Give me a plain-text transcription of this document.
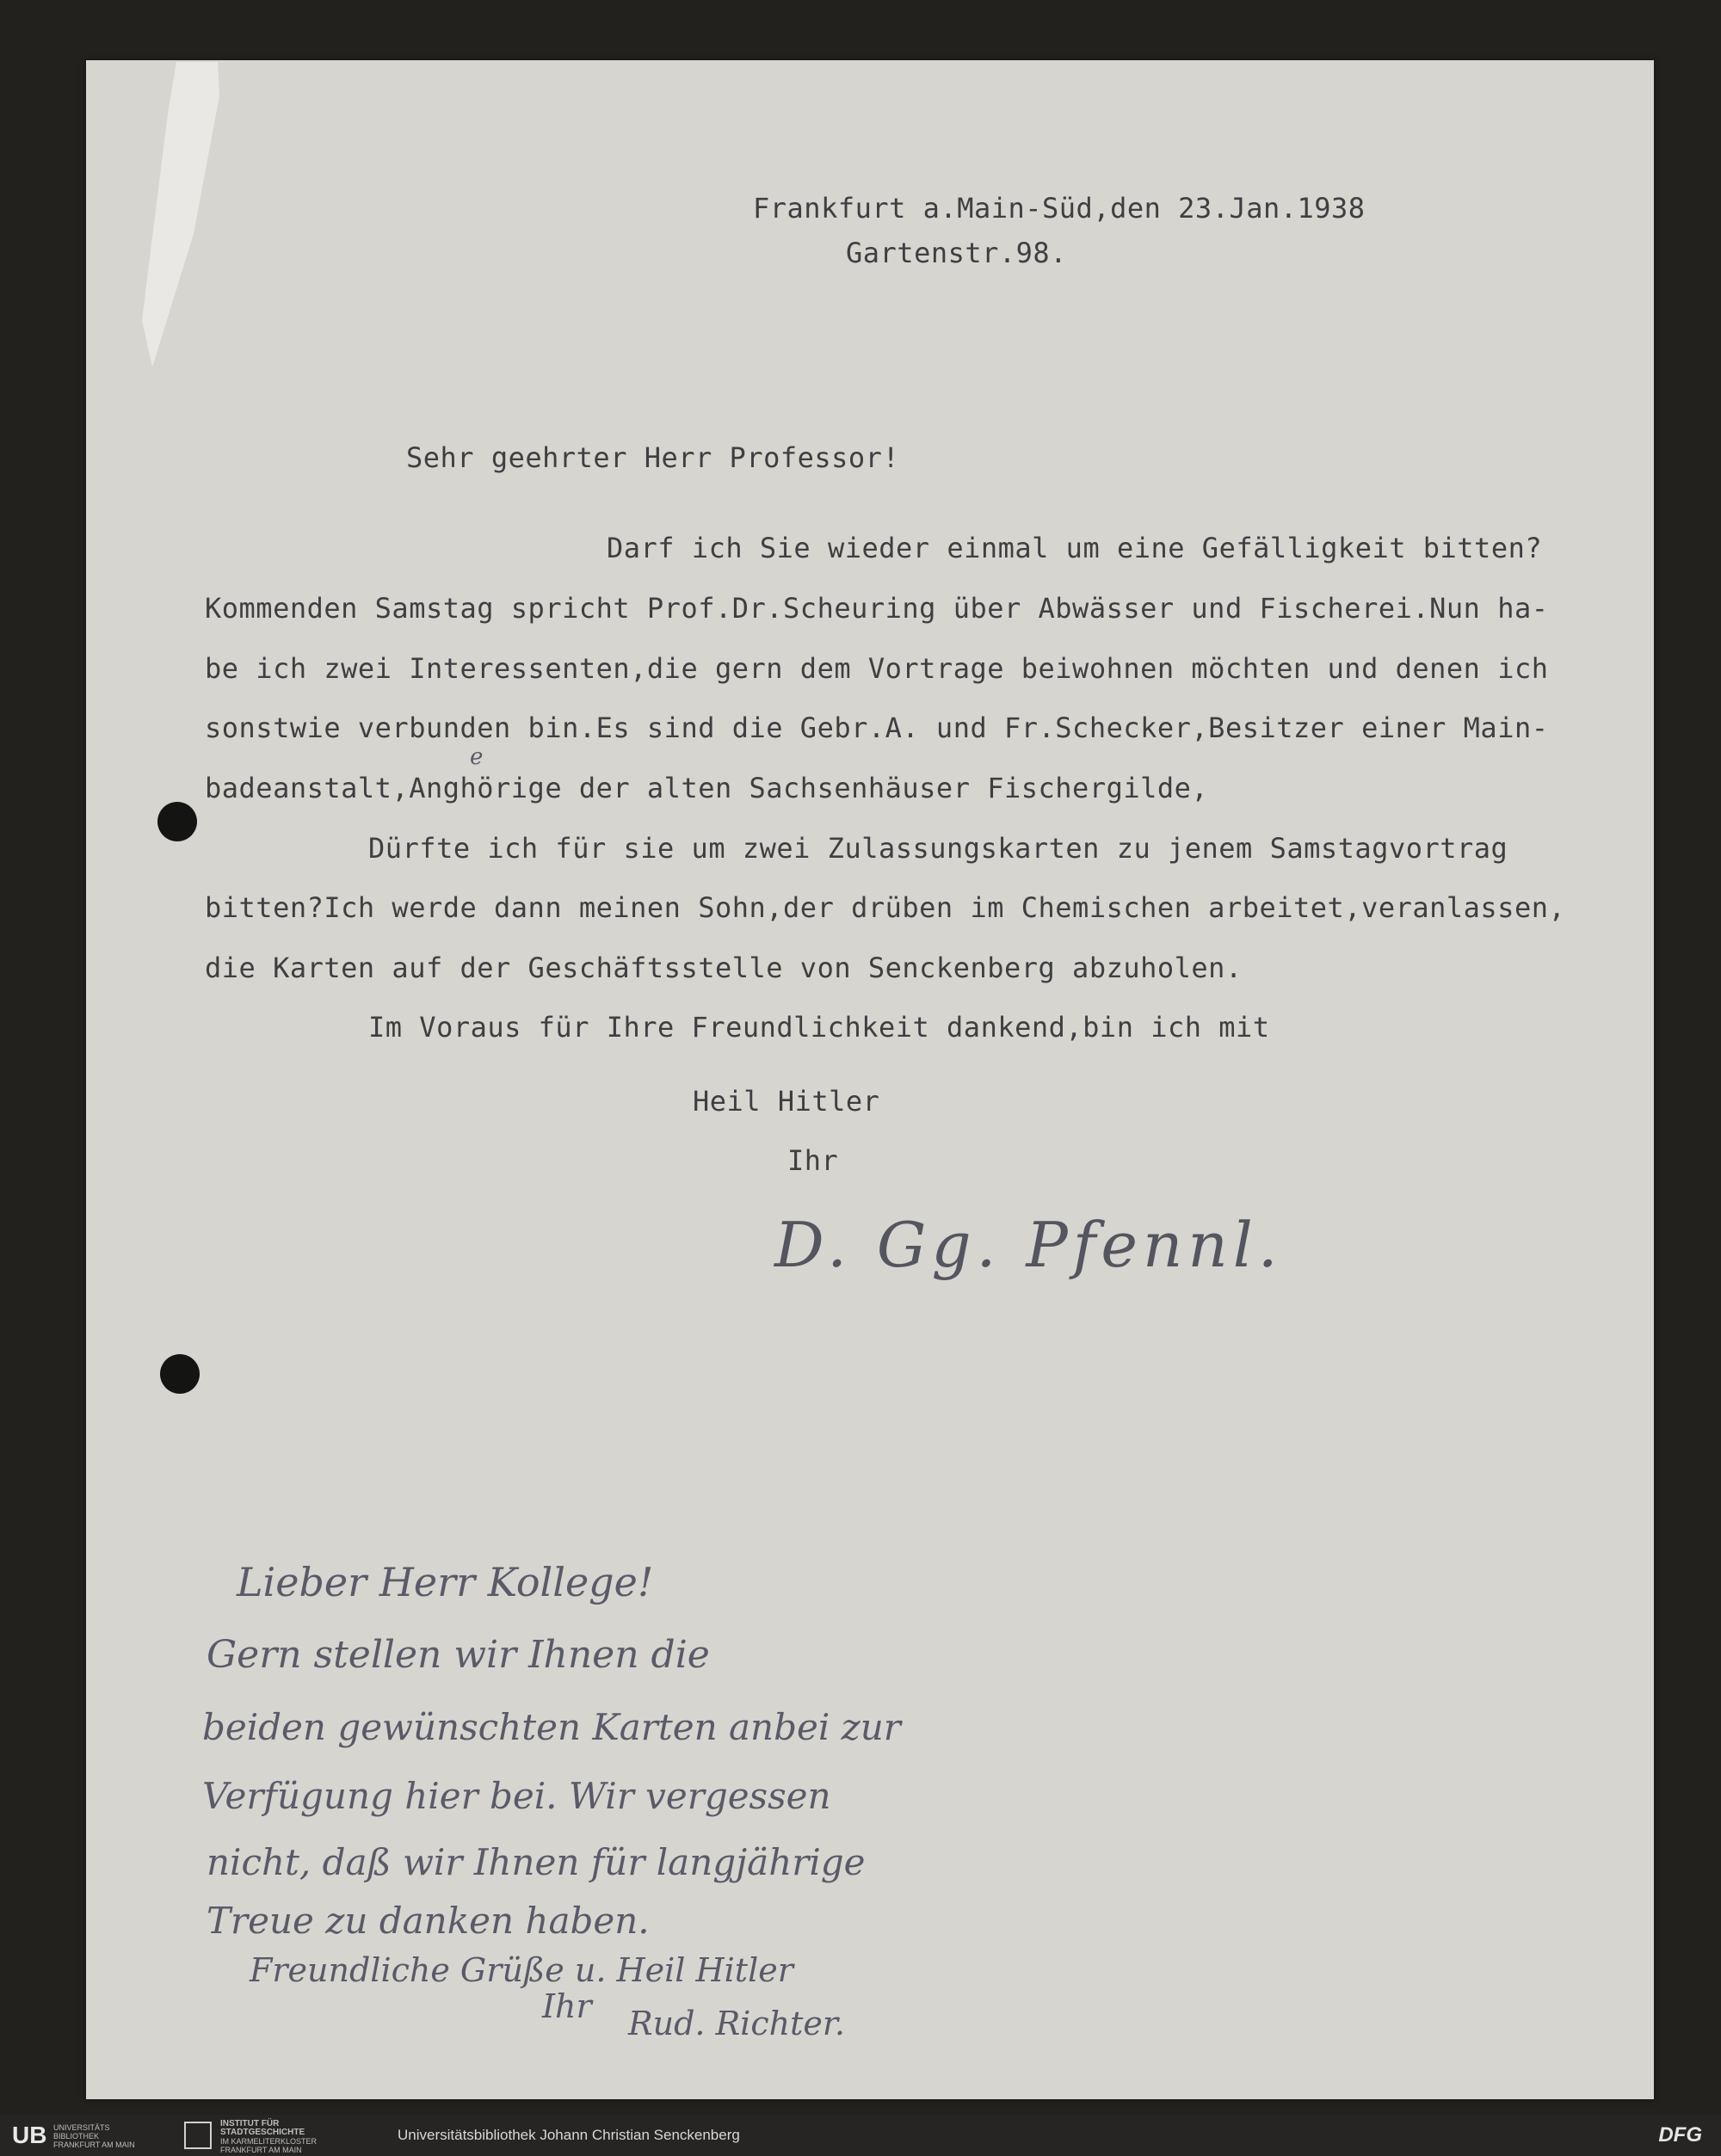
Frankfurt a.Main-Süd,den 23.Jan.1938
Gartenstr.98.
Sehr geehrter Herr Professor!
Darf ich Sie wieder einmal um eine Gefälligkeit bitten?
Kommenden Samstag spricht Prof.Dr.Scheuring über Abwässer und Fischerei.Nun ha-
be ich zwei Interessenten,die gern dem Vortrage beiwohnen möchten und denen ich
sonstwie verbunden bin.Es sind die Gebr.A. und Fr.Schecker,Besitzer einer Main-
badeanstalt,Anghörige der alten Sachsenhäuser Fischergilde,
e
Dürfte ich für sie um zwei Zulassungskarten zu jenem Samstagvortrag
bitten?Ich werde dann meinen Sohn,der drüben im Chemischen arbeitet,veranlassen,
die Karten auf der Geschäftsstelle von Senckenberg abzuholen.
Im Voraus für Ihre Freundlichkeit dankend,bin ich mit
Heil Hitler
Ihr
D. Gg. Pfennl.
Lieber Herr Kollege!
Gern stellen wir Ihnen die
beiden gewünschten Karten anbei zur
Verfügung hier bei. Wir vergessen
nicht, daß wir Ihnen für langjährige
Treue zu danken haben.
Freundliche Grüße u. Heil Hitler
Ihr Rud. Richter.
UB UNIVERSITÄTS
BIBLIOTHEK
FRANKFURT AM MAIN
INSTITUT FÜR
STADTGESCHICHTE
IM KARMELITERKLOSTER
FRANKFURT AM MAIN
Universitätsbibliothek Johann Christian Senckenberg	DFG
